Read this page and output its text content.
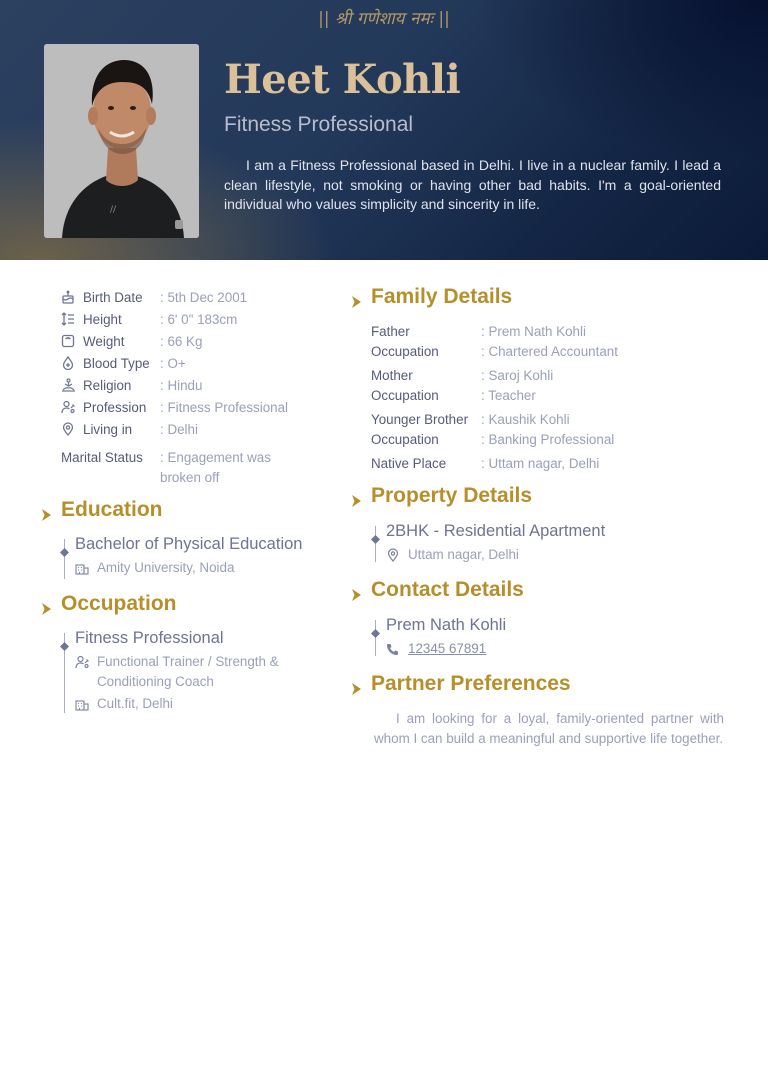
|| श्री गणेशाय नमः ||
//
Heet Kohli
Fitness Professional
I am a Fitness Professional based in Delhi. I live in a nuclear family. I lead a clean lifestyle, not smoking or having other bad habits. I'm a goal-oriented individual who values simplicity and sincerity in life.
Birth Date	: 5th Dec 2001
Height	: 6' 0" 183cm
Weight	: 66 Kg
Blood Type : O+
Religion	: Hindu
Profession	: Fitness Professional
Living in	: Delhi
Marital Status	: Engagement was broken off
Education
Bachelor of Physical Education
Amity University, Noida
Occupation
Fitness Professional
Functional Trainer / Strength & Conditioning Coach
Cult.fit, Delhi
Family Details
Father	: Prem Nath Kohli
Occupation	: Chartered Accountant
Mother	: Saroj Kohli
Occupation	: Teacher
Younger Brother : Kaushik Kohli
Occupation	: Banking Professional
Native Place	: Uttam nagar, Delhi
Property Details
2BHK - Residential Apartment
Uttam nagar, Delhi
Contact Details
Prem Nath Kohli
12345 67891
Partner Preferences
I am looking for a loyal, family-oriented partner with whom I can build a meaningful and supportive life together.
